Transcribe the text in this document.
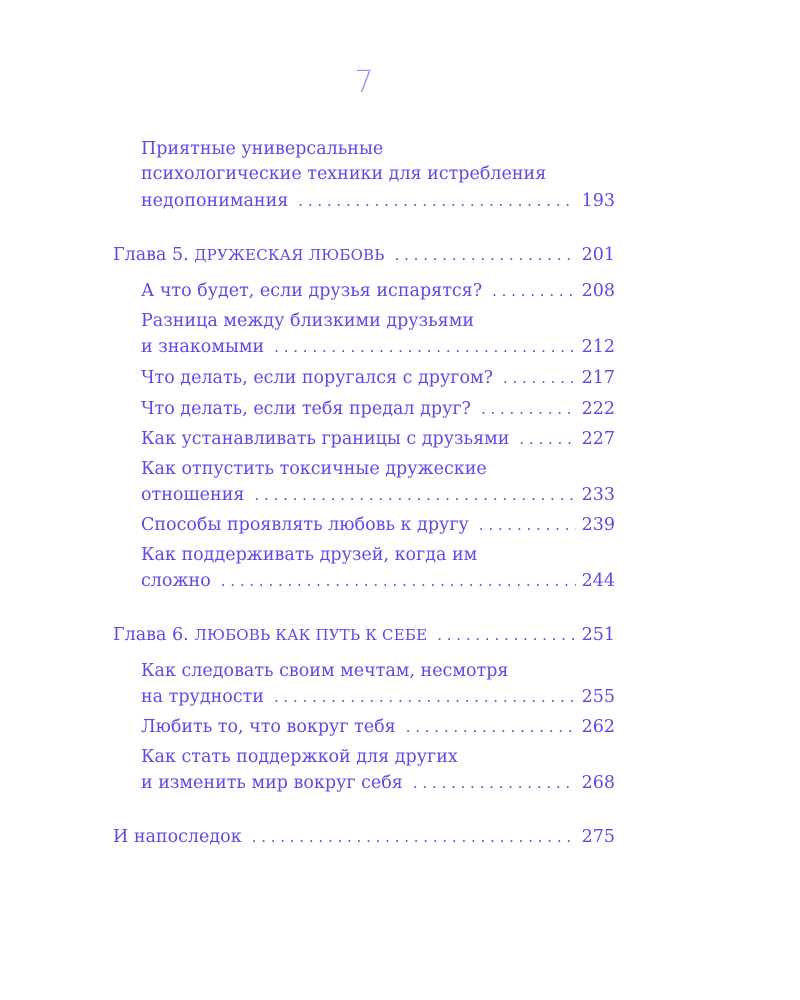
7
Приятные универсальные
психологические техники для истребления
недопонимания . . .	193
Глава 5. ДРУЖЕСКАЯ ЛЮБОВЬ . . .	201
А что будет, если друзья испарятся? . . .	208
Разница между близкими друзьями
и знакомыми . . .	212
Что делать, если поругался с другом? . . .	217
Что делать, если тебя предал друг? . . .	222
Как устанавливать границы с друзьями . . .	227
Как отпустить токсичные дружеские
отношения . . .	233
Способы проявлять любовь к другу . . .	239
Как поддерживать друзей, когда им
сложно . . .	244
Глава 6. ЛЮБОВЬ КАК ПУТЬ К СЕБЕ . . .	251
Как следовать своим мечтам, несмотря
на трудности . . .	255
Любить то, что вокруг тебя . . .	262
Как стать поддержкой для других
и изменить мир вокруг себя . . .	268
И напоследок . . .	275
